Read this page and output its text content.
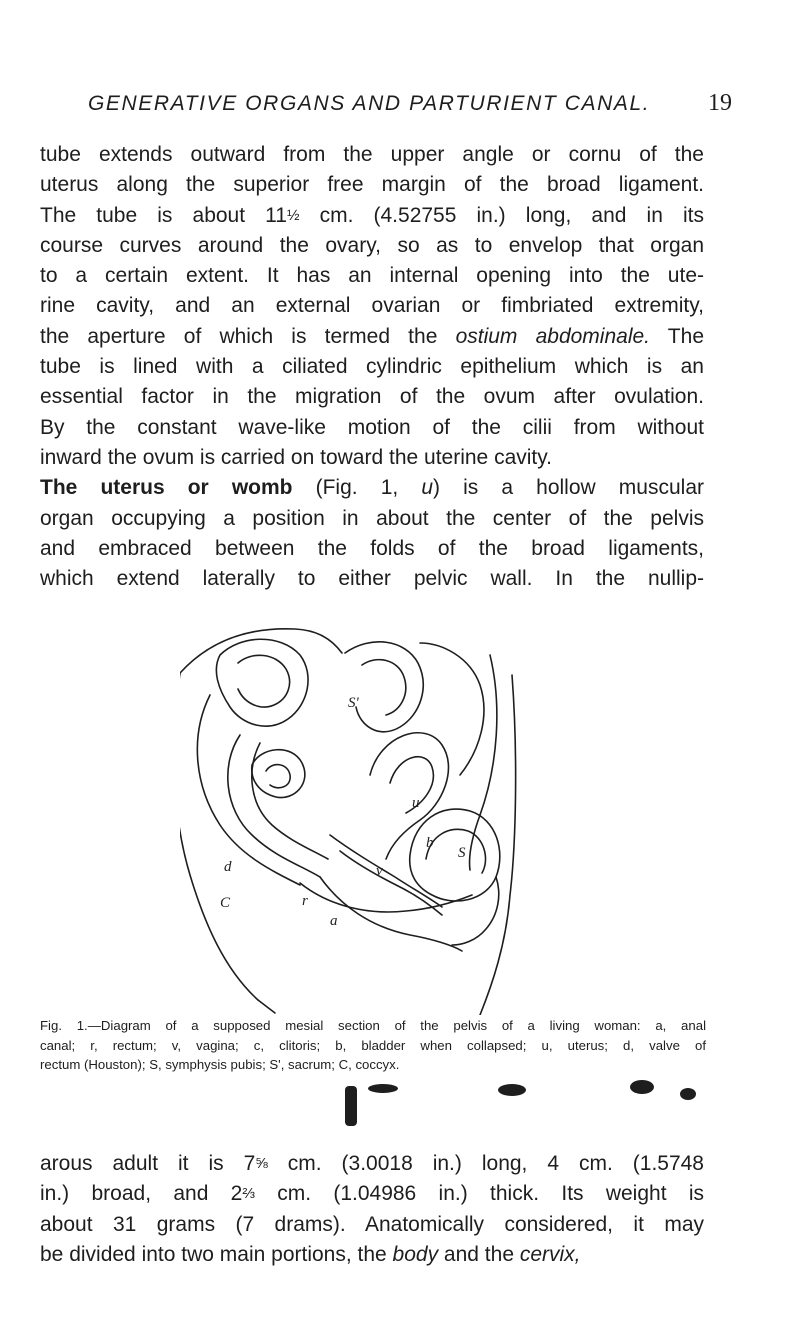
GENERATIVE ORGANS AND PARTURIENT CANAL. 19

tube extends outward from the upper angle or cornu of the
uterus along the superior free margin of the broad ligament.
The tube is about 11½ cm. (4.52755 in.) long, and in its
course curves around the ovary, so as to envelop that organ
to a certain extent. It has an internal opening into the ute-
rine cavity, and an external ovarian or fimbriated extremity,
the aperture of which is termed the ostium abdominale. The
tube is lined with a ciliated cylindric epithelium which is an
essential factor in the migration of the ovum after ovulation.
By the constant wave-like motion of the cilii from without
inward the ovum is carried on toward the uterine cavity.
The uterus or womb (Fig. 1, u) is a hollow muscular
organ occupying a position in about the center of the pelvis
and embraced between the folds of the broad ligaments,
which extend laterally to either pelvic wall. In the nullip-

S'
u
b
S
v
r
a
d
C

Fig. 1.—Diagram of a supposed mesial section of the pelvis of a living woman: a, anal
canal; r, rectum; v, vagina; c, clitoris; b, bladder when collapsed; u, uterus; d, valve of
rectum (Houston); S, symphysis pubis; S', sacrum; C, coccyx.

arous adult it is 7⅝ cm. (3.0018 in.) long, 4 cm. (1.5748
in.) broad, and 2⅔ cm. (1.04986 in.) thick. Its weight is
about 31 grams (7 drams). Anatomically considered, it may
be divided into two main portions, the body and the cervix,
